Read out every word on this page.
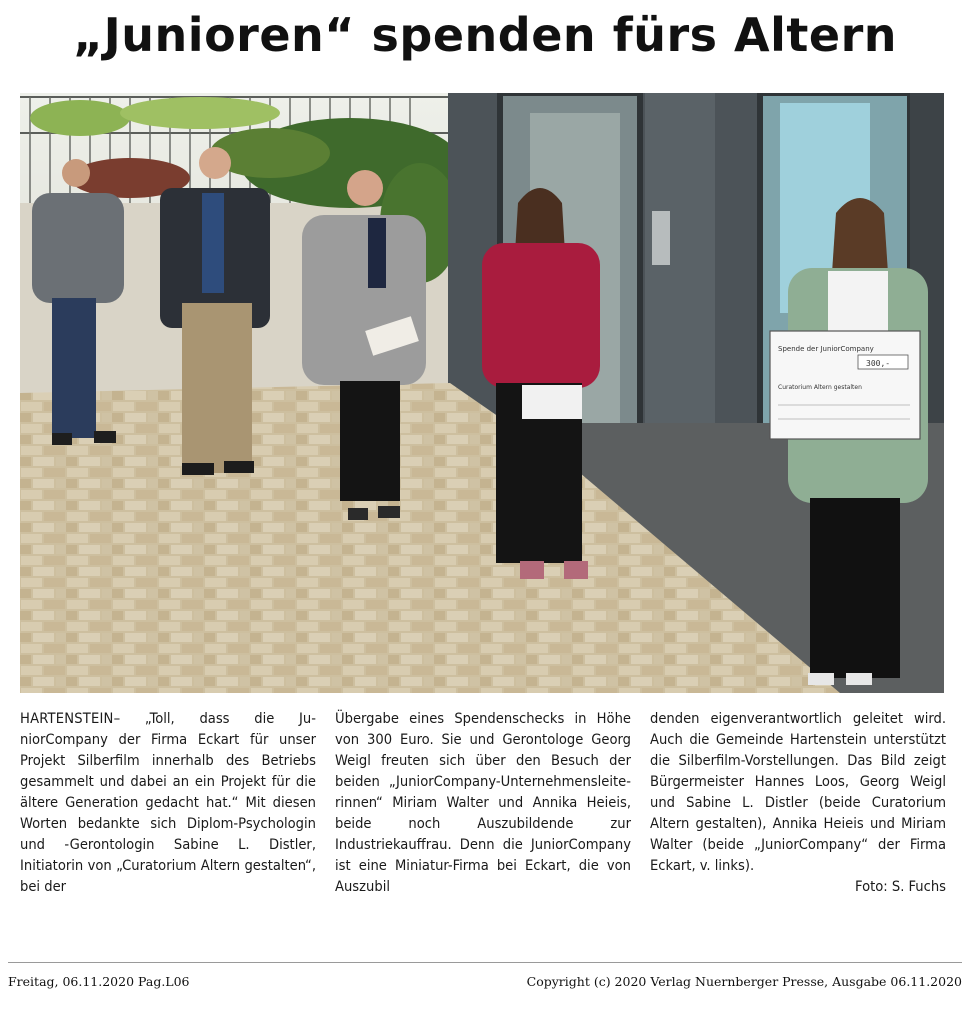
„Junioren“ spenden fürs Altern
Spende der JuniorCompany
300,-
Curatorium Altern gestalten

HARTENSTEIN– „Toll, dass die JuniorCompany der Firma Eckart für unser Projekt Silberfilm innerhalb des Betriebs gesammelt und dabei an ein Projekt für die ältere Generation gedacht hat.“ Mit diesen Worten bedankte sich Diplom-Psychologin und -Gerontologin Sabine L. Distler, Initiatorin von „Curatorium Altern gestalten“, bei der

Übergabe eines Spendenschecks in Höhe von 300 Euro. Sie und Gerontologe Georg Weigl freuten sich über den Besuch der beiden „JuniorCompany-Unternehmensleiterinnen“ Miriam Walter und Annika Heieis, beide noch Auszubildende zur Industriekauffrau. Denn die JuniorCompany ist eine Miniatur-Firma bei Eckart, die von Auszubil

denden eigenverantwortlich geleitet wird. Auch die Gemeinde Hartenstein unterstützt die Silberfilm-Vorstellungen. Das Bild zeigt Bürgermeister Hannes Loos, Georg Weigl und Sabine L. Distler (beide Curatorium Altern gestalten), Annika Heieis und Miriam Walter (beide „JuniorCompany“ der Firma Eckart, v. links).
Foto: S. Fuchs

Freitag, 06.11.2020 Pag.L06	Copyright (c) 2020 Verlag Nuernberger Presse, Ausgabe 06.11.2020
